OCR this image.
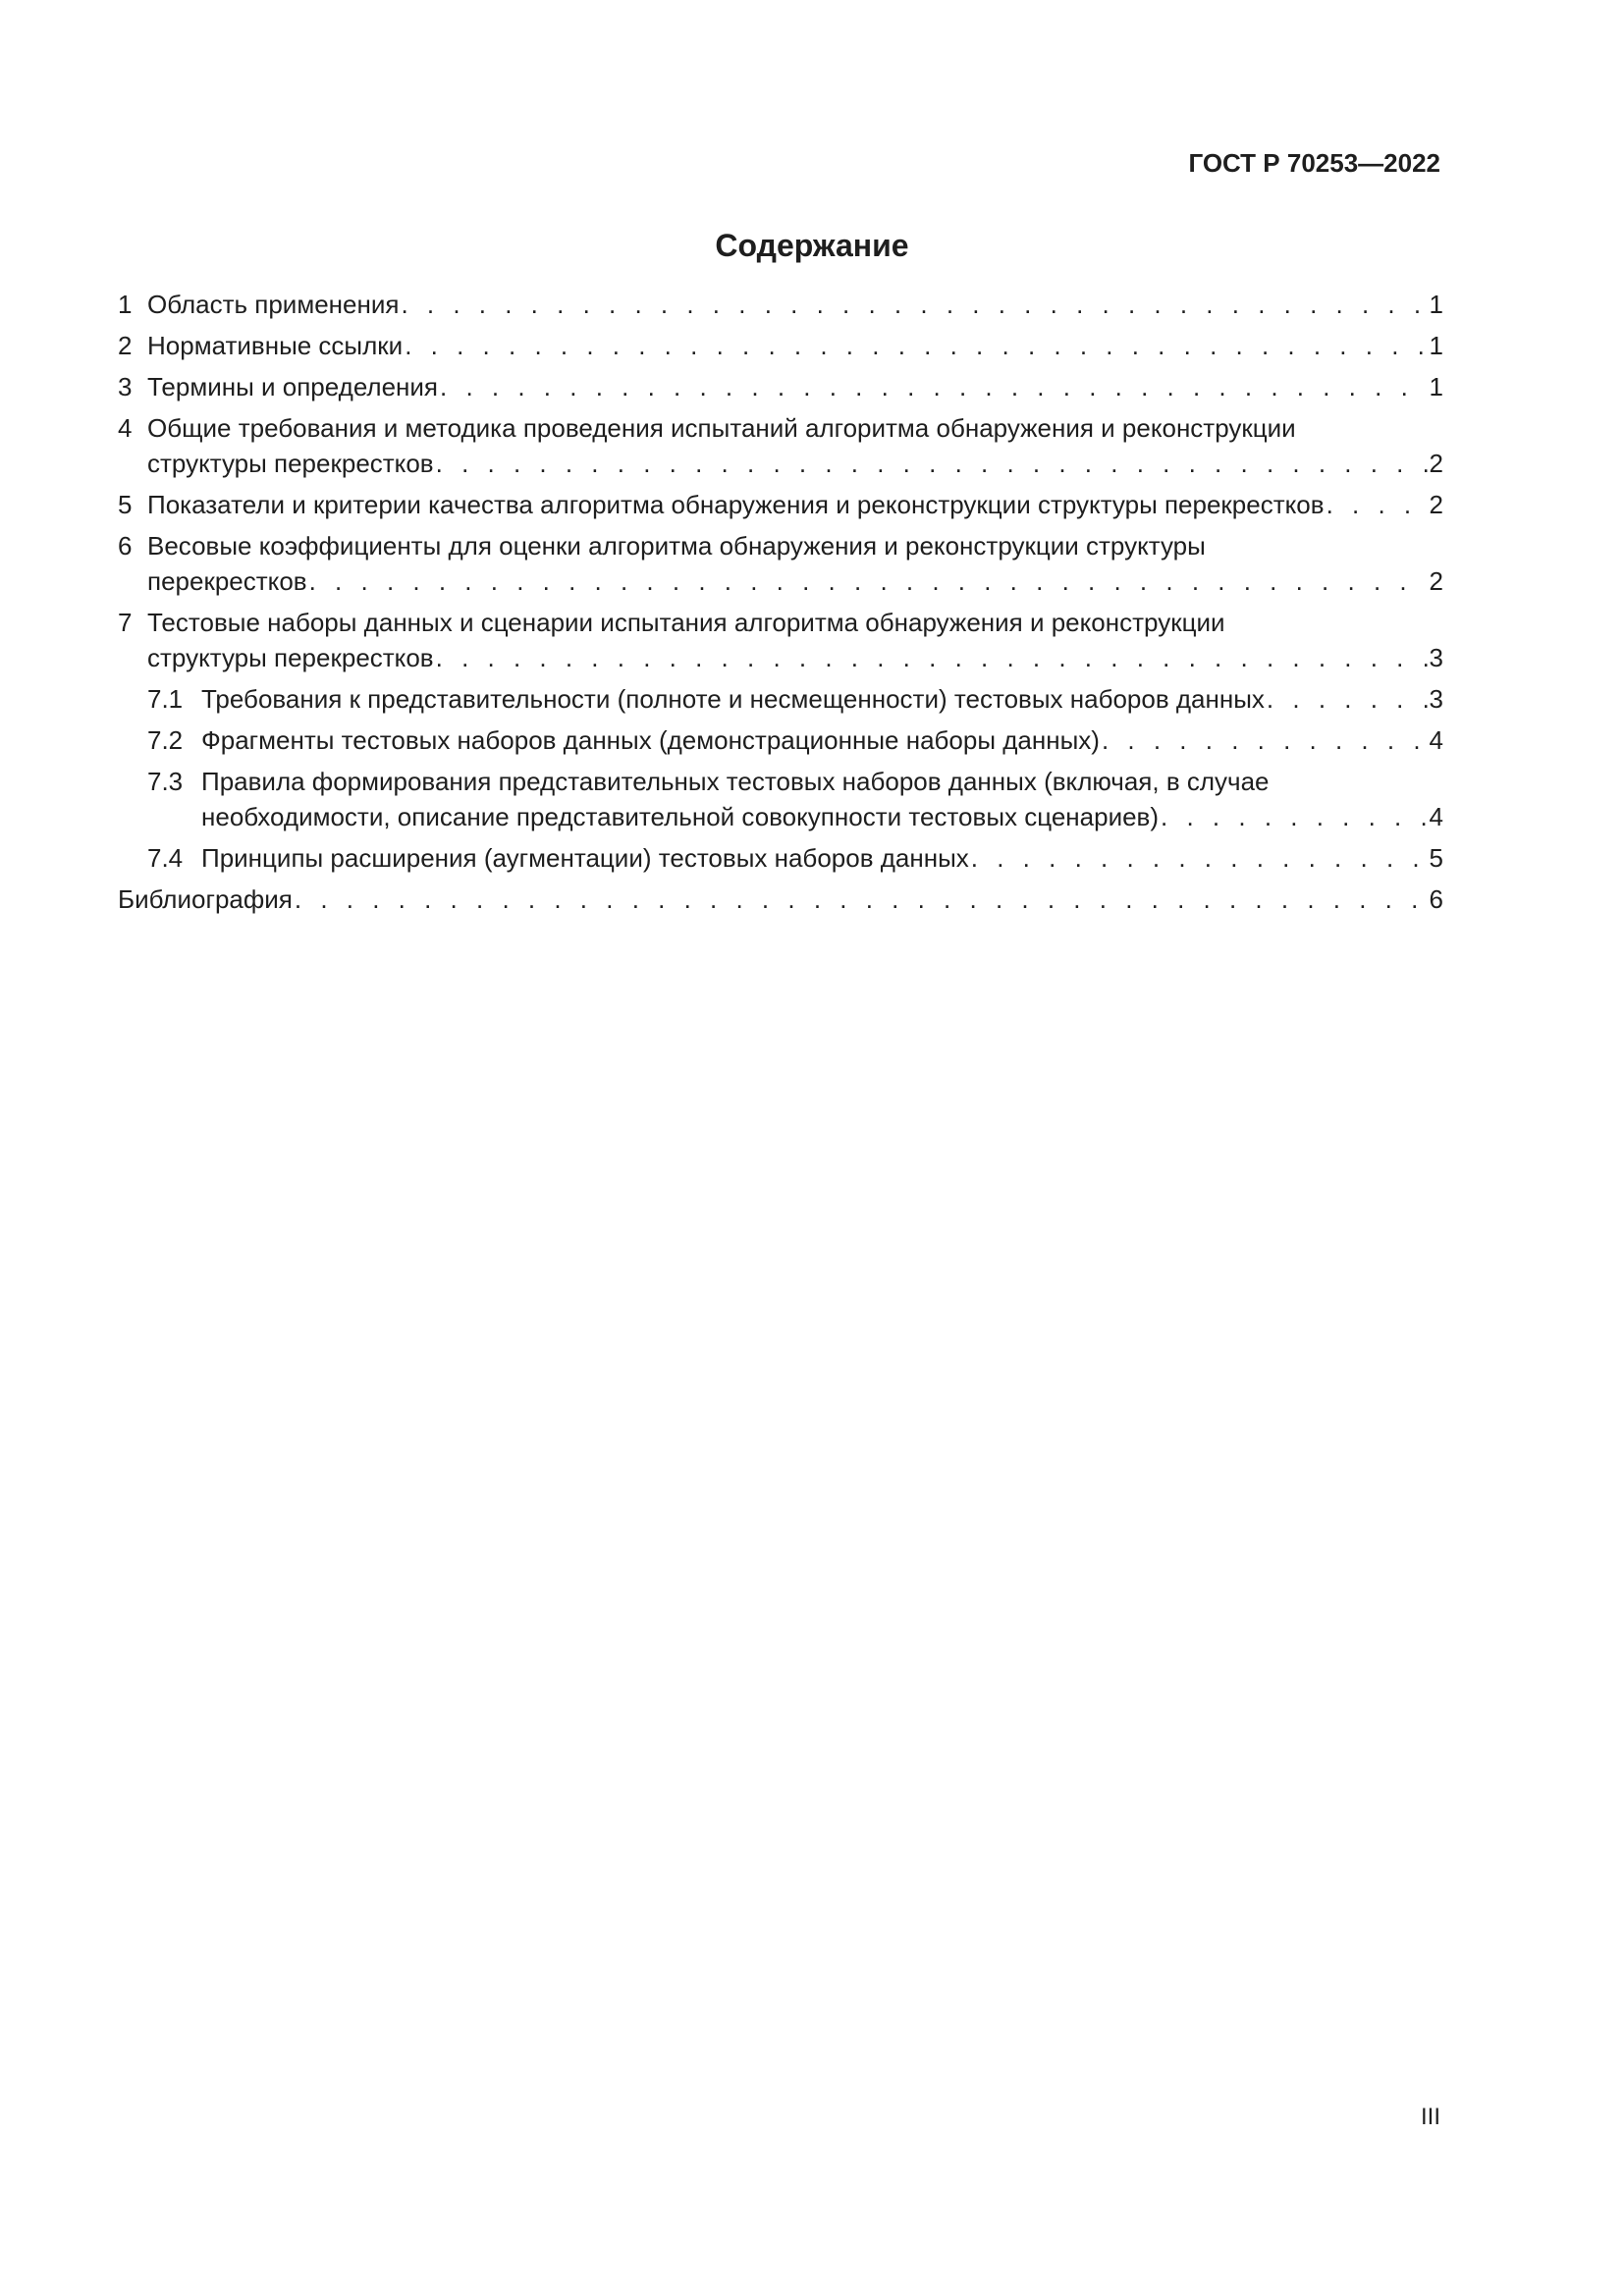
ГОСТ Р 70253—2022
Содержание
1 Область применения . . .	1
2 Нормативные ссылки . . .	1
3 Термины и определения . . .	1
4 Общие требования и методика проведения испытаний алгоритма обнаружения и реконструкции
структуры перекрестков . . .	2
5 Показатели и критерии качества алгоритма обнаружения и реконструкции структуры перекрестков . . .	2
6 Весовые коэффициенты для оценки алгоритма обнаружения и реконструкции структуры
перекрестков . . .	2
7 Тестовые наборы данных и сценарии испытания алгоритма обнаружения и реконструкции
структуры перекрестков . . .	3
7.1 Требования к представительности (полноте и несмещенности) тестовых наборов данных . . .	3
7.2 Фрагменты тестовых наборов данных (демонстрационные наборы данных) . . .	4
7.3 Правила формирования представительных тестовых наборов данных (включая, в случае
необходимости, описание представительной совокупности тестовых сценариев) . . .	4
7.4 Принципы расширения (аугментации) тестовых наборов данных . . .	5
Библиография . . .	6
III
